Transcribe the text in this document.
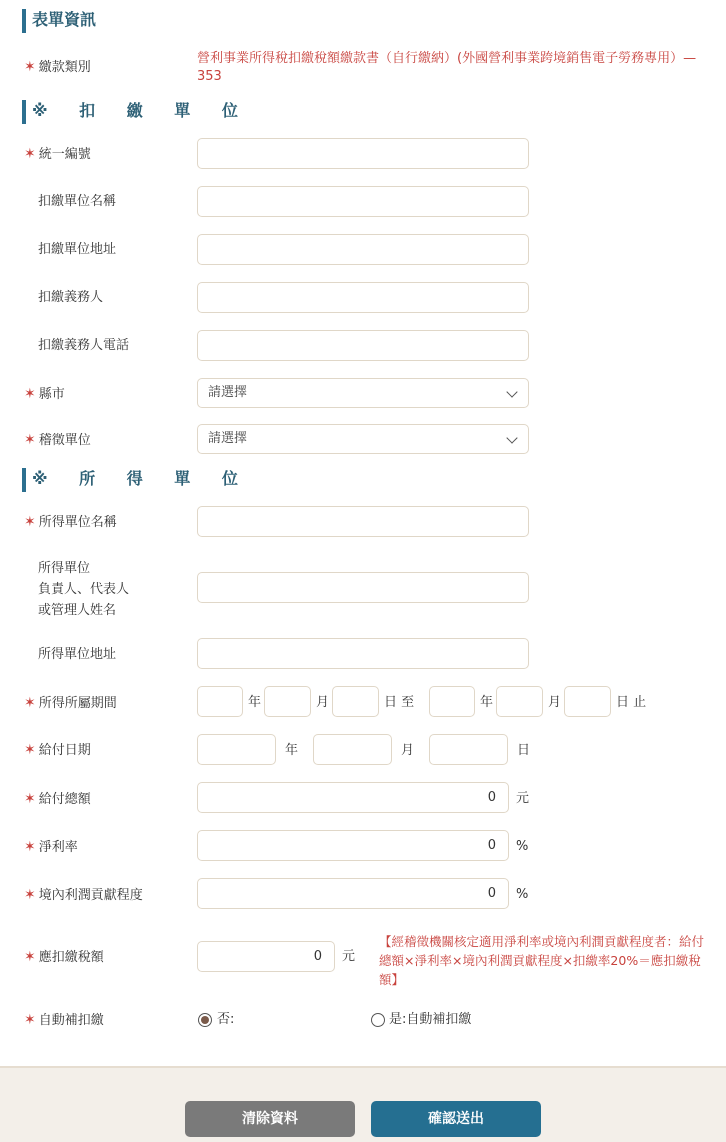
表單資訊
✶ 繳款類別
營利事業所得稅扣繳稅額繳款書（自行繳納）(外國營利事業跨境銷售電子勞務專用）— 353
※ 扣 繳 單 位
✶ 統一編號
扣繳單位名稱
扣繳單位地址
扣繳義務人
扣繳義務人電話
✶ 縣市	請選擇
✶ 稽徵單位	請選擇
※ 所 得 單 位
✶ 所得單位名稱
所得單位
負責人、代表人
或管理人姓名
所得單位地址
✶ 所得所屬期間	年	月	日 至	年	月	日 止
✶ 給付日期	年	月	日
✶ 給付總額	0	元
✶ 淨利率	0	%
✶ 境內利潤貢獻程度	0	%
✶ 應扣繳稅額	0	元
【經稽徵機關核定適用淨利率或境內利潤貢獻程度者：給付總額×淨利率×境內利潤貢獻程度×扣繳率20%＝應扣繳稅額】
✶ 自動補扣繳	否:	是:自動補扣繳
清除資料	確認送出
